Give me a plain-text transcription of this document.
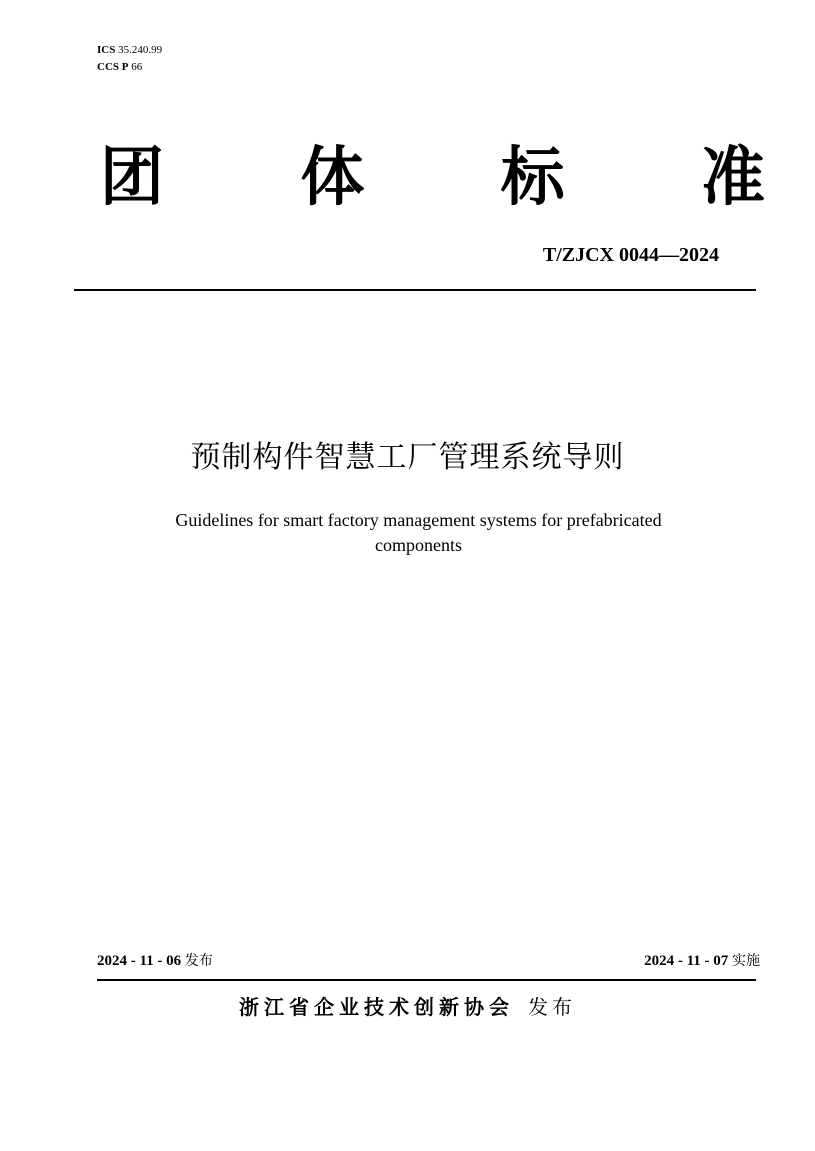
ICS 35.240.99
CCS P 66
团 体 标 准
T/ZJCX 0044—2024
预制构件智慧工厂管理系统导则
Guidelines for smart factory management systems for prefabricated
components
2024 - 11 - 06 发布	2024 - 11 - 07 实施
浙江省企业技术创新协会 发布
